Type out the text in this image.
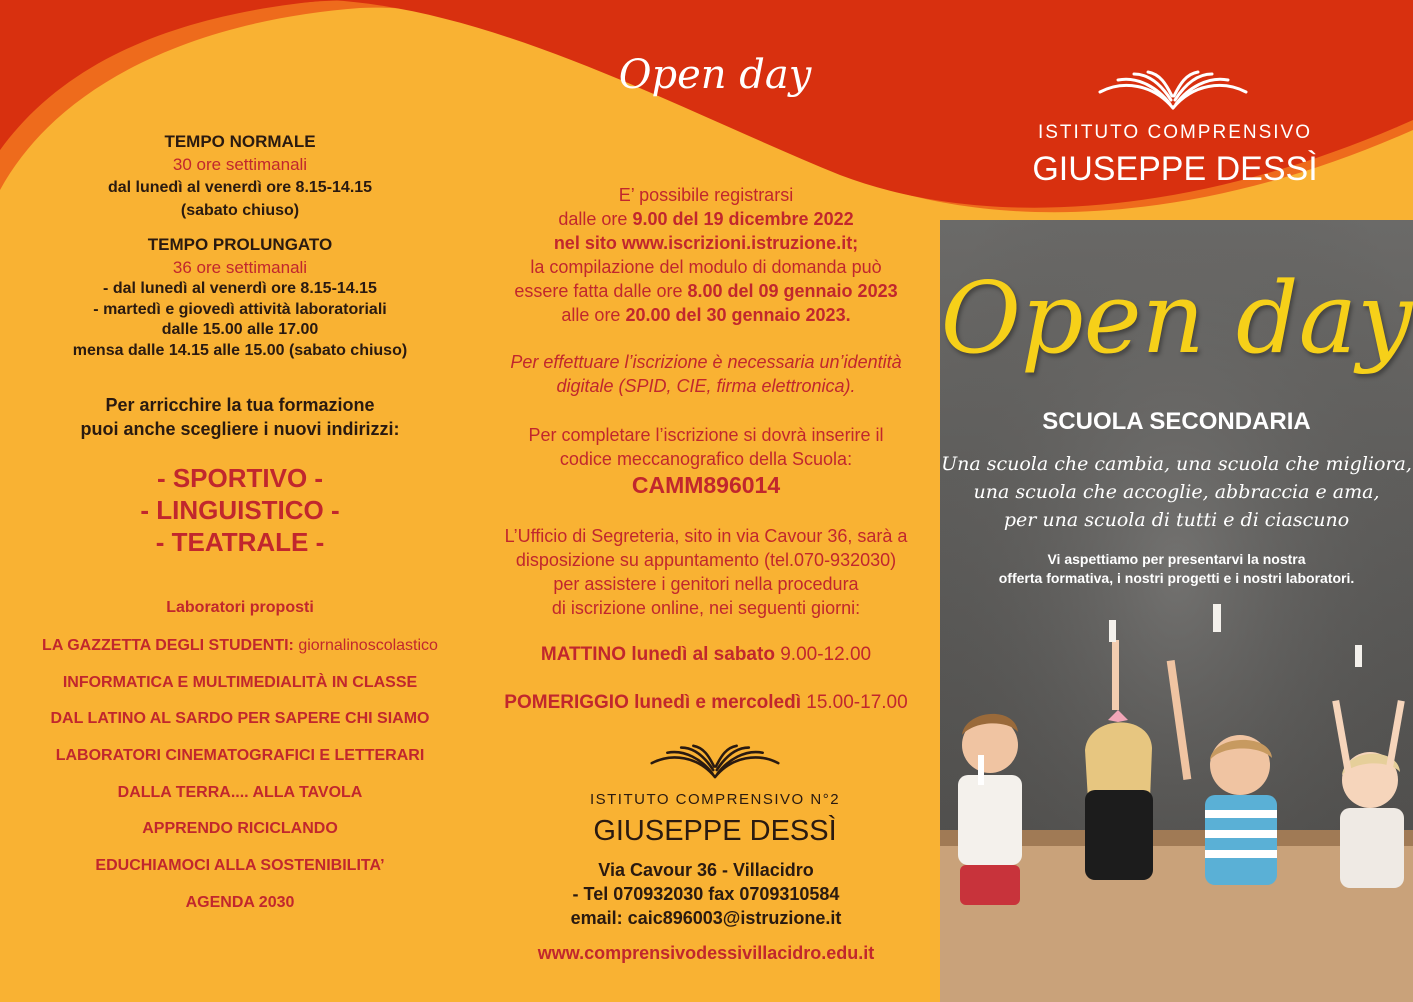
Open day
ISTITUTO COMPRENSIVO
GIUSEPPE DESSÌ
TEMPO NORMALE
30 ore settimanali
dal lunedì al venerdì ore 8.15-14.15
(sabato chiuso)
TEMPO PROLUNGATO
36 ore settimanali
- dal lunedì al venerdì ore 8.15-14.15
- martedì e giovedì attività laboratoriali
dalle 15.00 alle 17.00
mensa dalle 14.15 alle 15.00 (sabato chiuso)
Per arricchire la tua formazione
puoi anche scegliere i nuovi indirizzi:
- SPORTIVO -
- LINGUISTICO -
- TEATRALE -
Laboratori proposti
LA GAZZETTA DEGLI STUDENTI: giornalinoscolastico
INFORMATICA E MULTIMEDIALITÀ IN CLASSE
DAL LATINO AL SARDO PER SAPERE CHI SIAMO
LABORATORI CINEMATOGRAFICI E LETTERARI
DALLA TERRA.... ALLA TAVOLA
APPRENDO RICICLANDO
EDUCHIAMOCI ALLA SOSTENIBILITA’
AGENDA 2030
E’ possibile registrarsi
dalle ore 9.00 del 19 dicembre 2022
nel sito www.iscrizioni.istruzione.it;
la compilazione del modulo di domanda può
essere fatta dalle ore 8.00 del 09 gennaio 2023
alle ore 20.00 del 30 gennaio 2023.
Per effettuare l’iscrizione è necessaria un’identità
digitale (SPID, CIE, firma elettronica).
Per completare l’iscrizione si dovrà inserire il
codice meccanografico della Scuola:
CAMM896014
L’Ufficio di Segreteria, sito in via Cavour 36, sarà a
disposizione su appuntamento (tel.070-932030)
per assistere i genitori nella procedura
di iscrizione online, nei seguenti giorni:
MATTINO lunedì al sabato 9.00-12.00
POMERIGGIO lunedì e mercoledì 15.00-17.00
ISTITUTO COMPRENSIVO N°2
GIUSEPPE DESSÌ
Via Cavour 36 - Villacidro
- Tel 070932030 fax 0709310584
email: caic896003@istruzione.it
www.comprensivodessivillacidro.edu.it
Open day
SCUOLA SECONDARIA
Una scuola che cambia, una scuola che migliora,
una scuola che accoglie, abbraccia e ama,
per una scuola di tutti e di ciascuno
Vi aspettiamo per presentarvi la nostra
offerta formativa, i nostri progetti e i nostri laboratori.
